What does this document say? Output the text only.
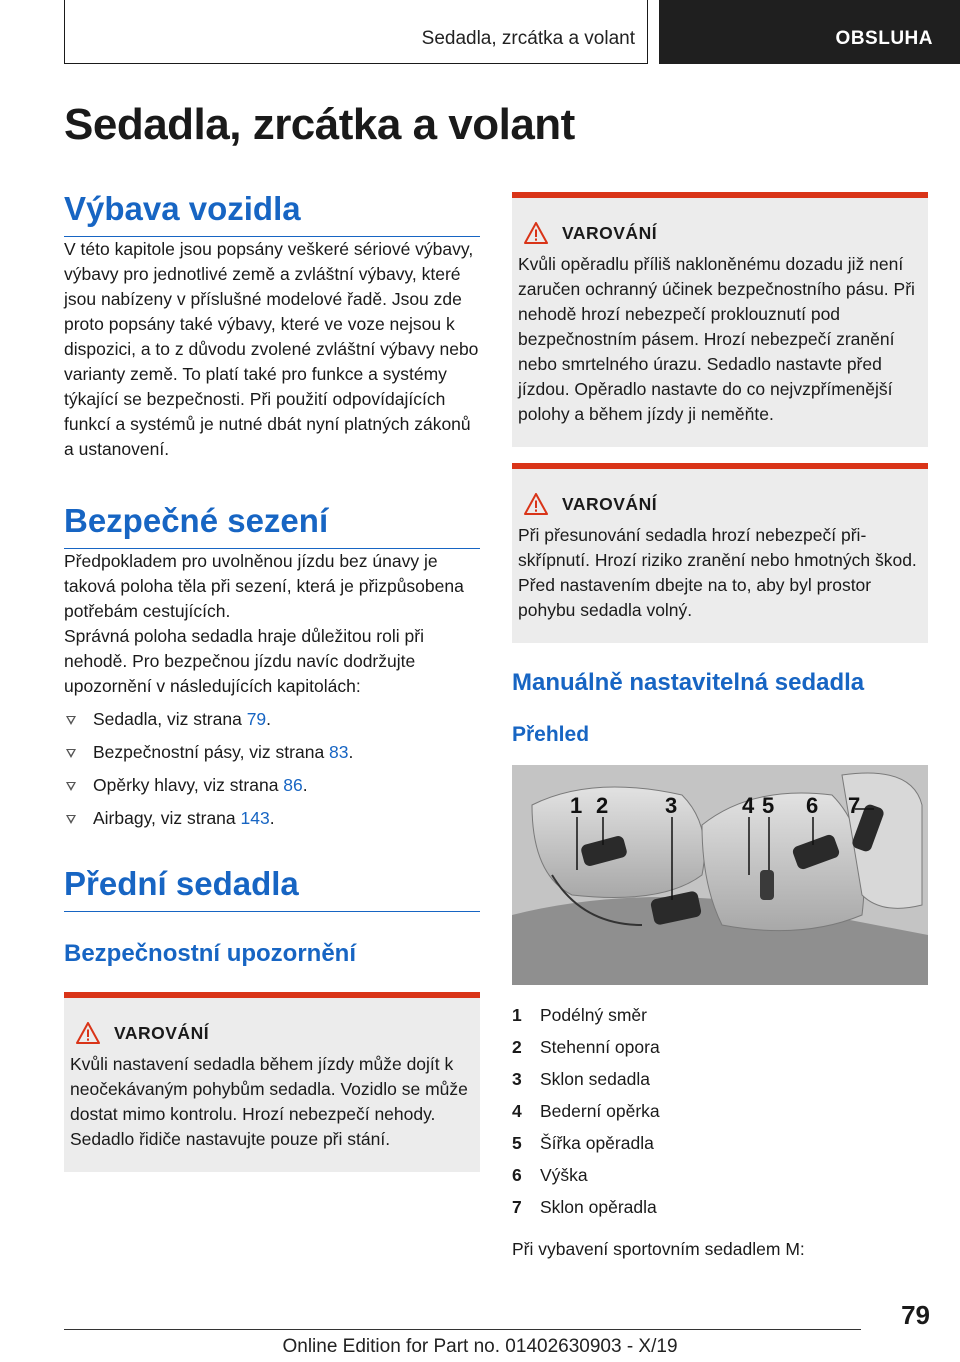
Sedadla, zrcátka a volant	OBSLUHA
Sedadla, zrcátka a volant
Výbava vozidla

V této kapitole jsou popsány veškeré sériové výbavy, výbavy pro jednotlivé země a zvláštní výbavy, které jsou nabízeny v příslušné modelové řadě. Jsou zde proto popsány také výbavy, které ve voze nejsou k dispozici, a to z důvodu zvolené zvláštní výbavy nebo varianty země. To platí také pro funkce a systémy týkající se bezpečnosti. Při použití odpovídajících funkcí a systémů je nutné dbát nyní platných zákonů a ustanovení.

Bezpečné sezení

Předpokladem pro uvolněnou jízdu bez únavy je taková poloha těla při sezení, která je přizpůsobena potřebám cestujících.

Správná poloha sedadla hraje důležitou roli při nehodě. Pro bezpečnou jízdu navíc dodržujte upozornění v následujících kapitolách:

Sedadla, viz strana 79.
Bezpečnostní pásy, viz strana 83.
Opěrky hlavy, viz strana 86.
Airbagy, viz strana 143.
Přední sedadla
Bezpečnostní upozornění
VAROVÁNÍ

Kvůli nastavení sedadla během jízdy může dojít k neočekávaným pohybům sedadla. Vozidlo se může dostat mimo kontrolu. Hrozí nebezpečí nehody. Sedadlo řidiče nastavujte pouze při stání.

VAROVÁNÍ

Kvůli opěradlu příliš nakloněnému dozadu již není zaručen ochranný účinek bezpečnostního pásu. Při nehodě hrozí nebezpečí proklouznutí pod bezpečnostním pásem. Hrozí nebezpečí zranění nebo smrtelného úrazu. Sedadlo nastavte před jízdou. Opěradlo nastavte do co nejvzpřímenější polohy a během jízdy ji neměňte.

VAROVÁNÍ

Při přesunování sedadla hrozí nebezpečí přiskřípnutí. Hrozí riziko zranění nebo hmotných škod. Před nastavením dbejte na to, aby byl prostor pohybu sedadla volný.

Manuálně nastavitelná sedadla
Přehled
1 2	3	4 5 6 7
1	Podélný směr
2	Stehenní opora
3	Sklon sedadla
4	Bederní opěrka
5	Šířka opěradla
6	Výška
7	Sklon opěradla

Při vybavení sportovním sedadlem M:

79
Online Edition for Part no. 01402630903 - X/19
